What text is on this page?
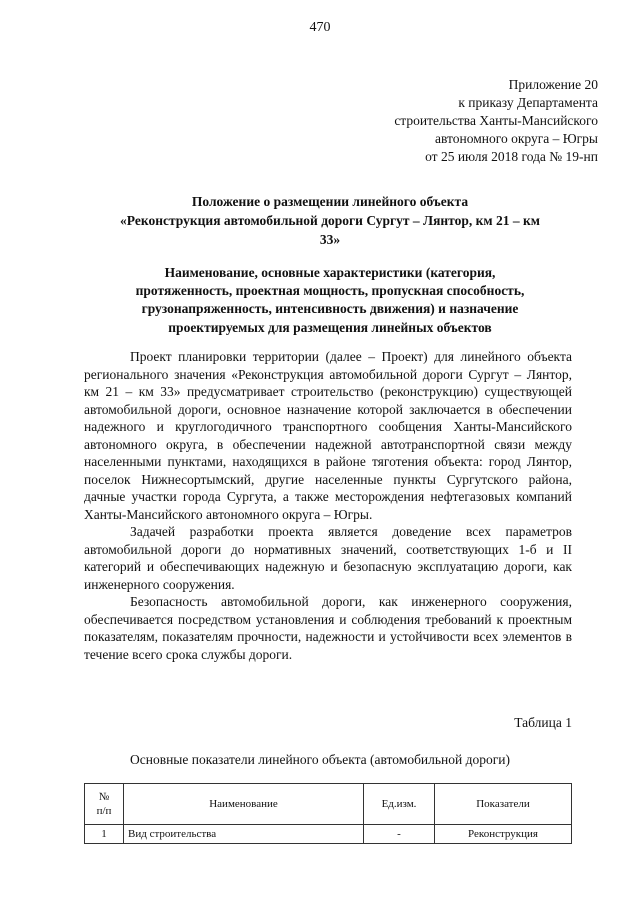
470
Приложение 20
к приказу Департамента
строительства Ханты-Мансийского
автономного округа – Югры
от 25 июля 2018 года № 19-нп
Положение о размещении линейного объекта
«Реконструкция автомобильной дороги Сургут – Лянтор, км 21 – км
33»
Наименование, основные характеристики (категория,
протяженность, проектная мощность, пропускная способность,
грузонапряженность, интенсивность движения) и назначение
проектируемых для размещения линейных объектов

Проект планировки территории (далее – Проект) для линейного объекта регионального значения «Реконструкция автомобильной дороги Сургут – Лянтор, км 21 – км 33» предусматривает строительство (реконструкцию) существующей автомобильной дороги, основное назначение которой заключается в обеспечении надежного и круглогодичного транспортного сообщения Ханты-Мансийского автономного округа, в обеспечении надежной автотранспортной связи между населенными пунктами, находящихся в районе тяготения объекта: город Лянтор, поселок Нижнесортымский, другие населенные пункты Сургутского района, дачные участки города Сургута, а также месторождения нефтегазовых компаний Ханты-Мансийского автономного округа – Югры.

Задачей разработки проекта является доведение всех параметров автомобильной дороги до нормативных значений, соответствующих 1-б и II категорий и обеспечивающих надежную и безопасную эксплуатацию дороги, как инженерного сооружения.

Безопасность автомобильной дороги, как инженерного сооружения, обеспечивается посредством установления и соблюдения требований к проектным показателям, показателям прочности, надежности и устойчивости всех элементов в течение всего срока службы дороги.

Таблица 1
Основные показатели линейного объекта (автомобильной дороги)
№
п/п	Наименование	Ед.изм.	Показатели
1	Вид строительства	-	Реконструкция
